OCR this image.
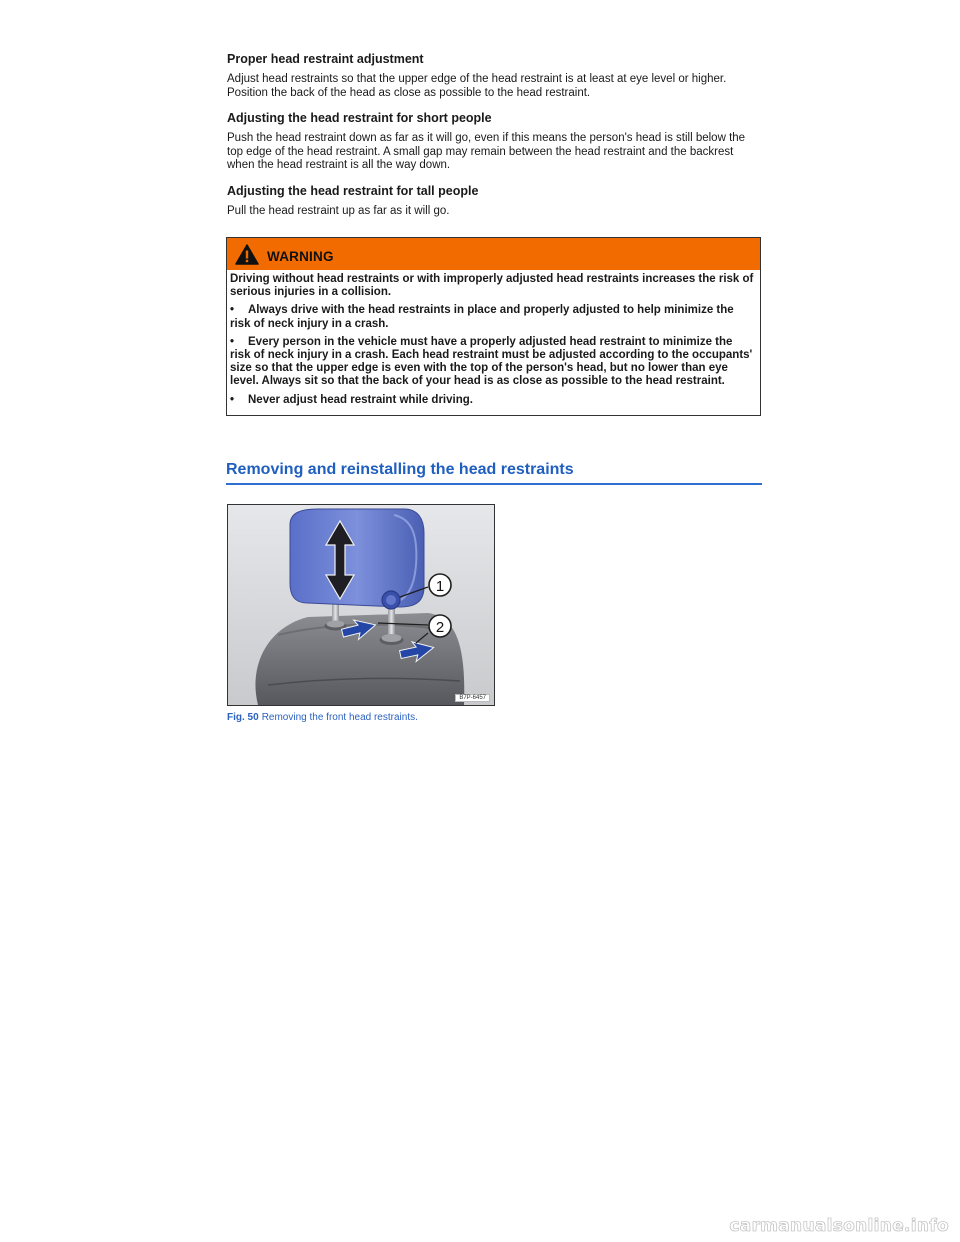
Proper head restraint adjustment

Adjust head restraints so that the upper edge of the head restraint is at least at eye level or higher. Position the back of the head as close as possible to the head restraint.

Adjusting the head restraint for short people

Push the head restraint down as far as it will go, even if this means the person's head is still below the top edge of the head restraint. A small gap may remain between the head restraint and the backrest when the head restraint is all the way down.

Adjusting the head restraint for tall people

Pull the head restraint up as far as it will go.

WARNING

Driving without head restraints or with improperly adjusted head restraints increases the risk of serious injuries in a collision.

• Always drive with the head restraints in place and properly adjusted to help minimize the risk of neck injury in a crash.

• Every person in the vehicle must have a properly adjusted head restraint to minimize the risk of neck injury in a crash. Each head restraint must be adjusted according to the occupants' size so that the upper edge is even with the top of the person's head, but no lower than eye level. Always sit so that the back of your head is as close as possible to the head restraint.

• Never adjust head restraint while driving.

Removing and reinstalling the head restraints
1
2
B7P-6457
Fig. 50 Removing the front head restraints.
carmanualsonline.info
